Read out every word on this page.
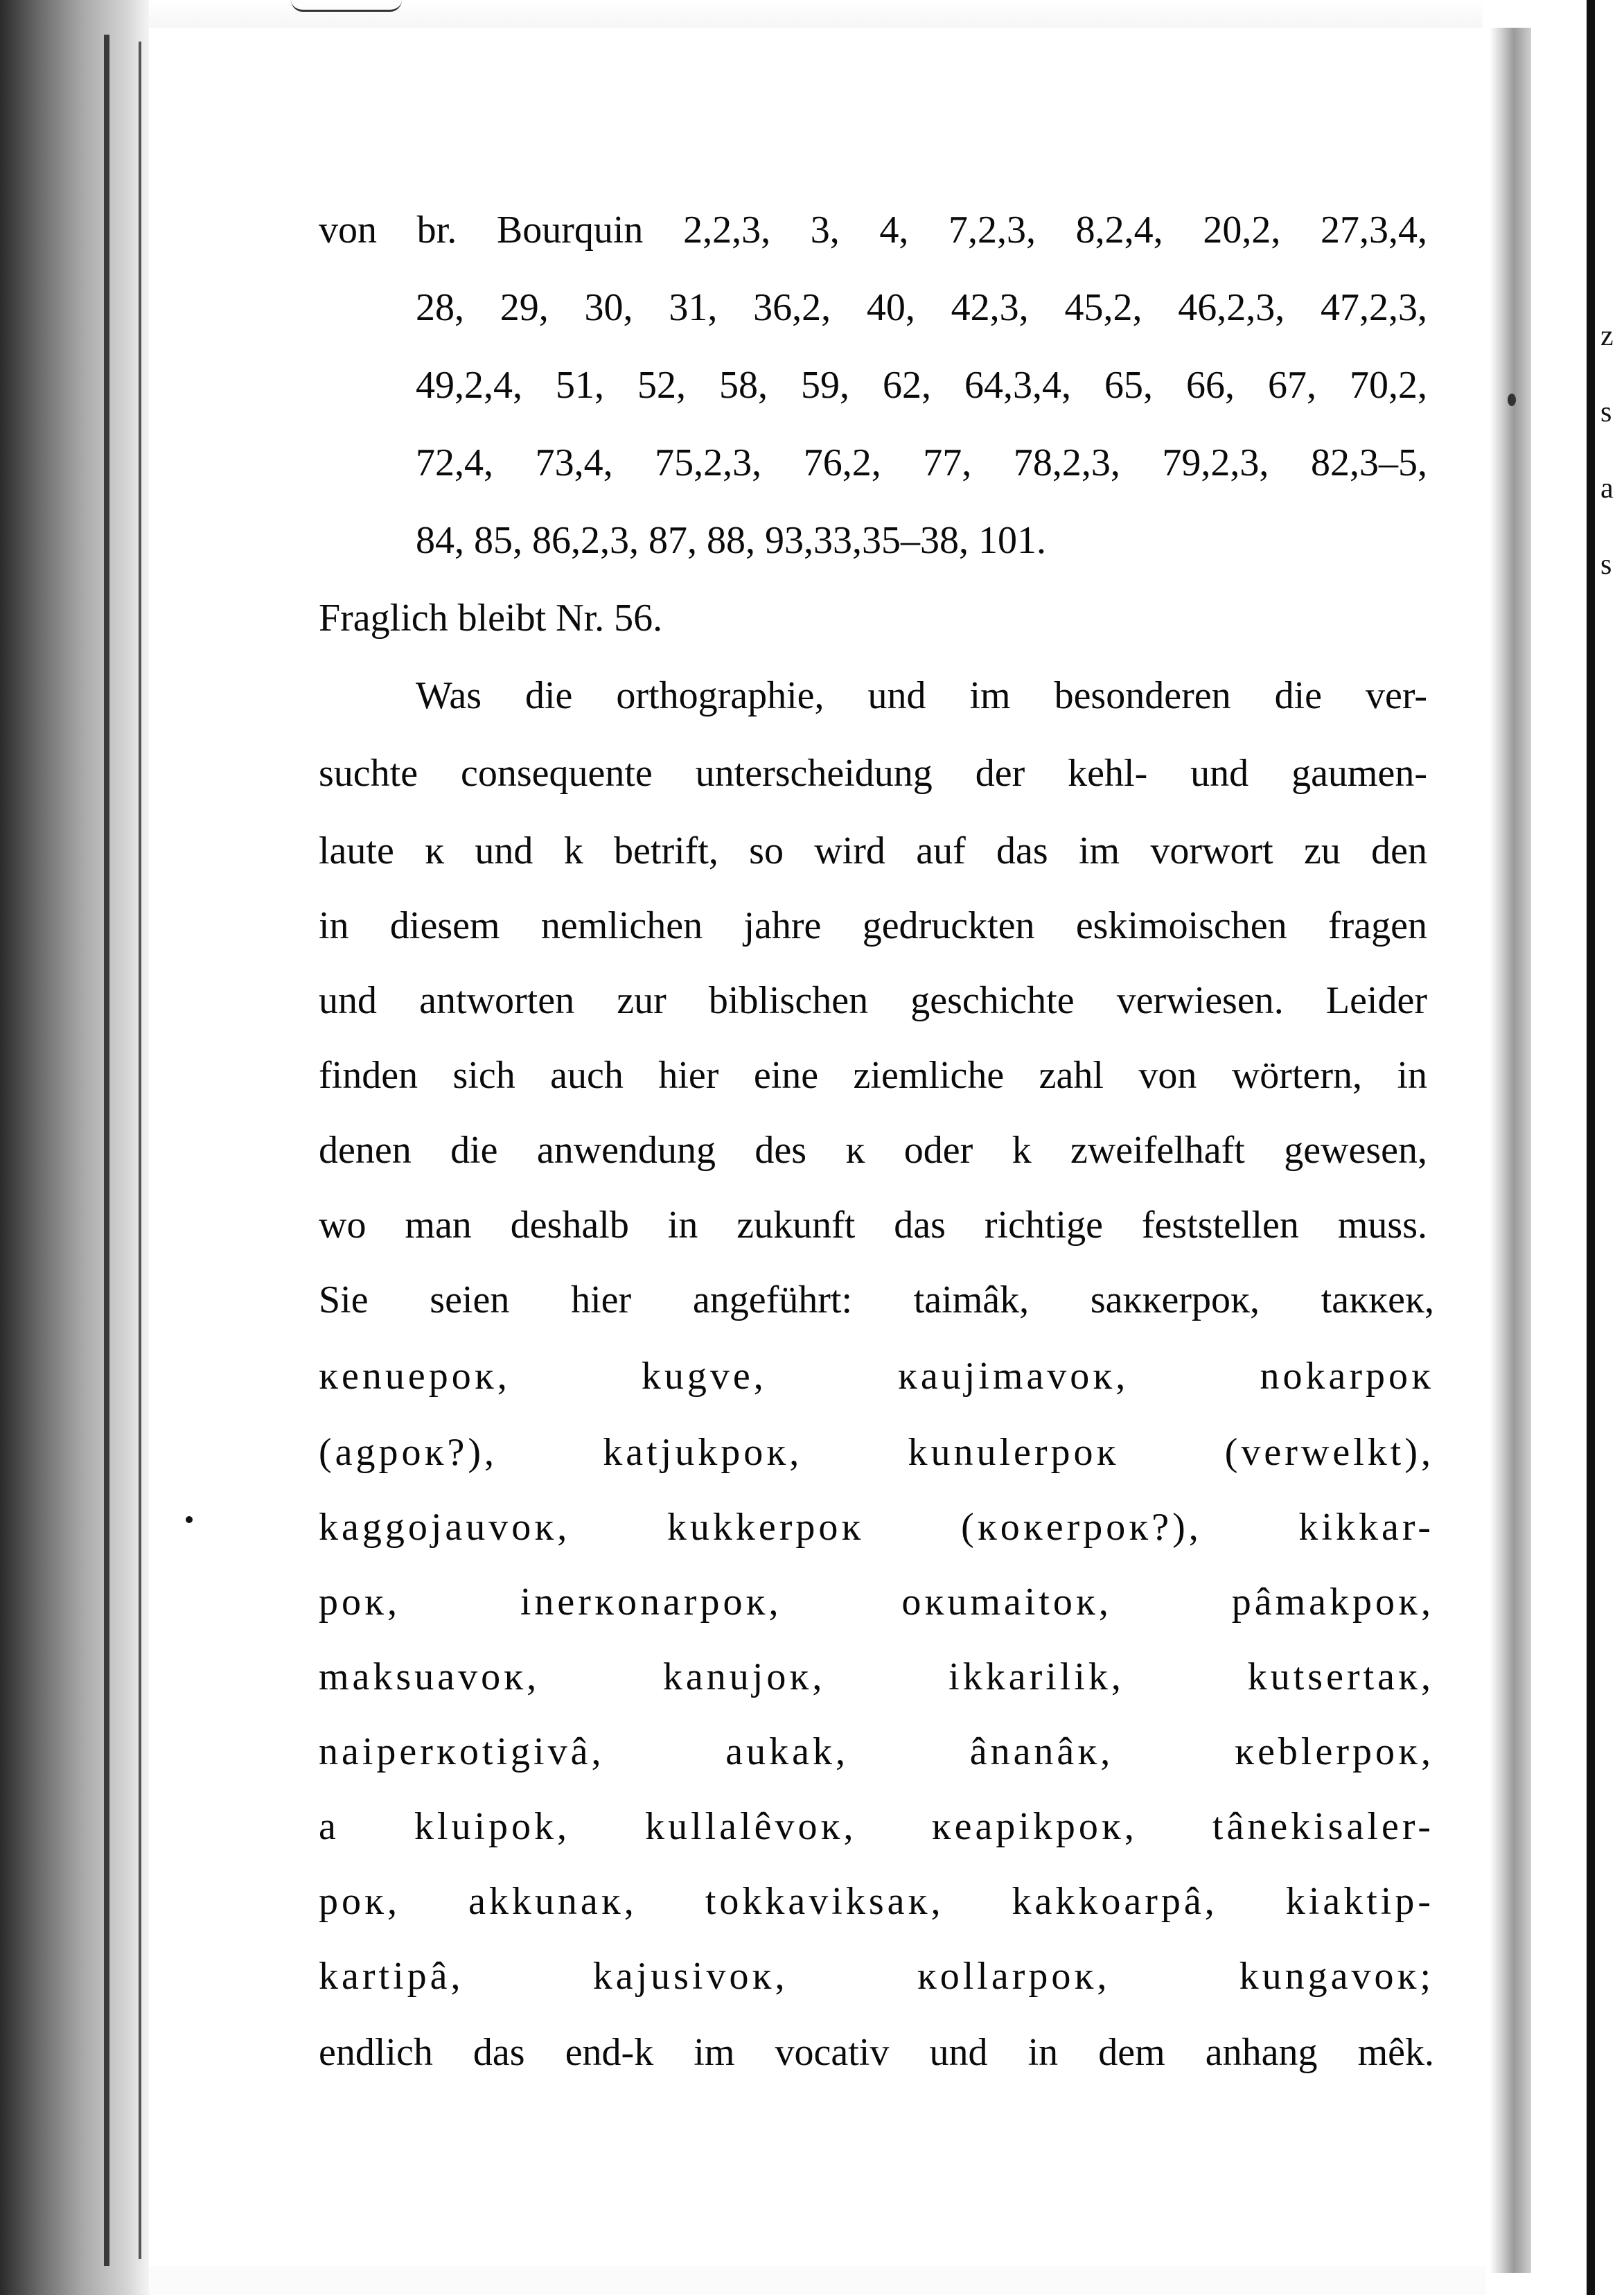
z
s
a
s
von br. Bourquin 2,2,3, 3, 4, 7,2,3, 8,2,4, 20,2, 27,3,4,
28, 29, 30, 31, 36,2, 40, 42,3, 45,2, 46,2,3, 47,2,3,
49,2,4, 51, 52, 58, 59, 62, 64,3,4, 65, 66, 67, 70,2,
72,4, 73,4, 75,2,3, 76,2, 77, 78,2,3, 79,2,3, 82,3–5,
84, 85, 86,2,3, 87, 88, 93,33,35–38, 101.
Fraglich bleibt Nr. 56.
Was die orthographie, und im besonderen die ver-
suchte consequente unterscheidung der kehl- und gaumen-
laute ĸ und k betrift, so wird auf das im vorwort zu den
in diesem nemlichen jahre gedruckten eskimoischen fragen
und antworten zur biblischen geschichte verwiesen. Leider
finden sich auch hier eine ziemliche zahl von wörtern, in
denen die anwendung des ĸ oder k zweifelhaft gewesen,
wo man deshalb in zukunft das richtige feststellen muss.
Sie seien hier angeführt: taimâk, saĸĸerpoĸ, taĸĸeĸ,
ĸenuepoĸ, kugve, ĸaujimavoĸ, nokarpoĸ
(agpoĸ?), katjukpoĸ, kunulerpoĸ (verwelkt),
kaggojauvoĸ, kukkerpoĸ (ĸoĸerpoĸ?), kikkar-
poĸ, inerĸonarpoĸ, oĸumaitoĸ, pâmakpoĸ,
maksuavoĸ, kanujoĸ, ikkarilik, kutsertaĸ,
naiperĸotigivâ, aukak, ânanâĸ, ĸeblerpoĸ,
a kluipok, kullalêvoĸ, ĸeapikpoĸ, tânekisaler-
poĸ, akkunaĸ, tokkaviksaĸ, kakkoarpâ, kiaktip-
kartipâ, kajusivoĸ, ĸollarpoĸ, kungavoĸ;
endlich das end-k im vocativ und in dem anhang mêk.
